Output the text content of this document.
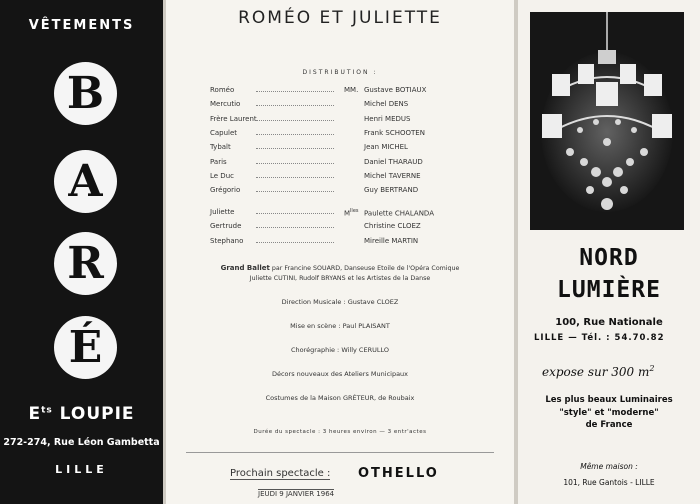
VÊTEMENTS
B
A
R
É
$E^{ts}$ LOUPIE
272-274, Rue Léon Gambetta
LILLE
ROMÉO ET JULIETTE
DISTRIBUTION :
Roméo	MM. Gustave BOTIAUX
Mercutio	Michel DENS
Frère Laurent	Henri MEDUS
Capulet	Frank SCHOOTEN
Tybalt	Jean MICHEL
Paris	Daniel THARAUD
Le Duc	Michel TAVERNE
Grégorio	Guy BERTRAND
Juliette	$M^{lles}$ Paulette CHALANDA
Gertrude	Christine CLOEZ
Stephano	Mireille MARTIN
Grand Ballet par Francine SOUARD, Danseuse Etoile de l'Opéra Comique
Juliette CUTINI, Rudolf BRYANS et les Artistes de la Danse
Direction Musicale : Gustave CLOEZ
Mise en scène : Paul PLAISANT
Chorégraphie : Willy CERULLO
Décors nouveaux des Ateliers Municipaux
Costumes de la Maison GRÉTEUR, de Roubaix
Durée du spectacle : 3 heures environ — 3 entr'actes
Prochain spectacle : OTHELLO
JEUDI 9 JANVIER 1964
NORD
LUMIÈRE
100, Rue Nationale
LILLE — Tél. : 54.70.82
expose sur 300 $m^2$
Les plus beaux Luminaires
"style" et "moderne"
de France
Même maison :
101, Rue Gantois - LILLE
